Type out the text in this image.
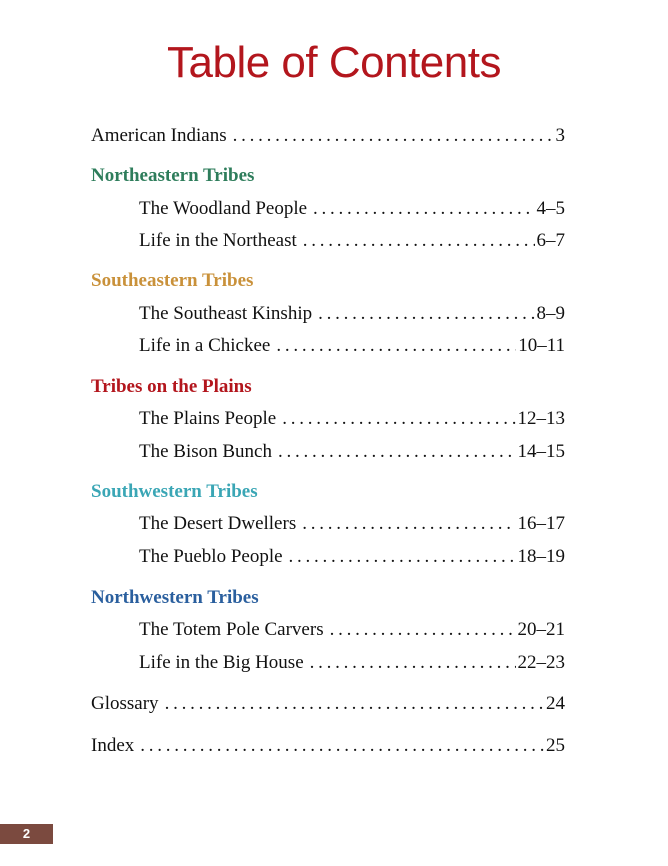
Table of Contents
American Indians . . .	3
Northeastern Tribes
The Woodland People . . .	4–5
Life in the Northeast . . .	6–7
Southeastern Tribes
The Southeast Kinship . . .	8–9
Life in a Chickee . . .	10–11
Tribes on the Plains
The Plains People . . .	12–13
The Bison Bunch . . .	14–15
Southwestern Tribes
The Desert Dwellers . . .	16–17
The Pueblo People . . .	18–19
Northwestern Tribes
The Totem Pole Carvers . . .	20–21
Life in the Big House . . .	22–23
Glossary . . .	24
Index . . .	25
2
